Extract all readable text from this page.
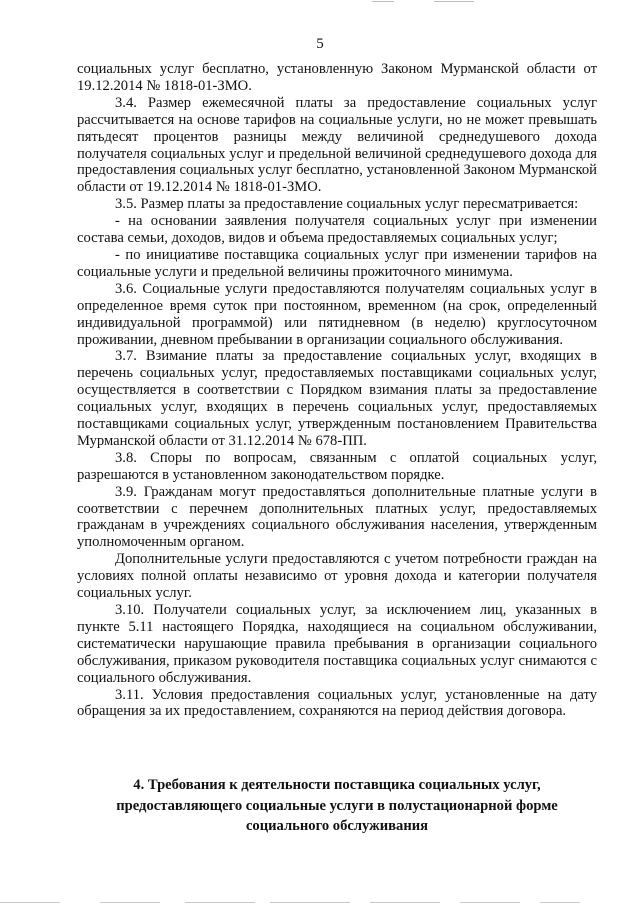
5

социальных услуг бесплатно, установленную Законом Мурманской области от 19.12.2014 № 1818-01-ЗМО.

3.4. Размер ежемесячной платы за предоставление социальных услуг рассчитывается на основе тарифов на социальные услуги, но не может превышать пятьдесят процентов разницы между величиной среднедушевого дохода получателя социальных услуг и предельной величиной среднедушевого дохода для предоставления социальных услуг бесплатно, установленной Законом Мурманской области от 19.12.2014 № 1818-01-ЗМО.

3.5. Размер платы за предоставление социальных услуг пересматривается:

- на основании заявления получателя социальных услуг при изменении состава семьи, доходов, видов и объема предоставляемых социальных услуг;

- по инициативе поставщика социальных услуг при изменении тарифов на социальные услуги и предельной величины прожиточного минимума.

3.6. Социальные услуги предоставляются получателям социальных услуг в определенное время суток при постоянном, временном (на срок, определенный индивидуальной программой) или пятидневном (в неделю) круглосуточном проживании, дневном пребывании в организации социального обслуживания.

3.7. Взимание платы за предоставление социальных услуг, входящих в перечень социальных услуг, предоставляемых поставщиками социальных услуг, осуществляется в соответствии с Порядком взимания платы за предоставление социальных услуг, входящих в перечень социальных услуг, предоставляемых поставщиками социальных услуг, утвержденным постановлением Правительства Мурманской области от 31.12.2014 № 678-ПП.

3.8. Споры по вопросам, связанным с оплатой социальных услуг, разрешаются в установленном законодательством порядке.

3.9. Гражданам могут предоставляться дополнительные платные услуги в соответствии с перечнем дополнительных платных услуг, предоставляемых гражданам в учреждениях социального обслуживания населения, утвержденным уполномоченным органом.

Дополнительные услуги предоставляются с учетом потребности граждан на условиях полной оплаты независимо от уровня дохода и категории получателя социальных услуг.

3.10. Получатели социальных услуг, за исключением лиц, указанных в пункте 5.11 настоящего Порядка, находящиеся на социальном обслуживании, систематически нарушающие правила пребывания в организации социального обслуживания, приказом руководителя поставщика социальных услуг снимаются с социального обслуживания.

3.11. Условия предоставления социальных услуг, установленные на дату обращения за их предоставлением, сохраняются на период действия договора.

4. Требования к деятельности поставщика социальных услуг,
предоставляющего социальные услуги в полустационарной форме
социального обслуживания
